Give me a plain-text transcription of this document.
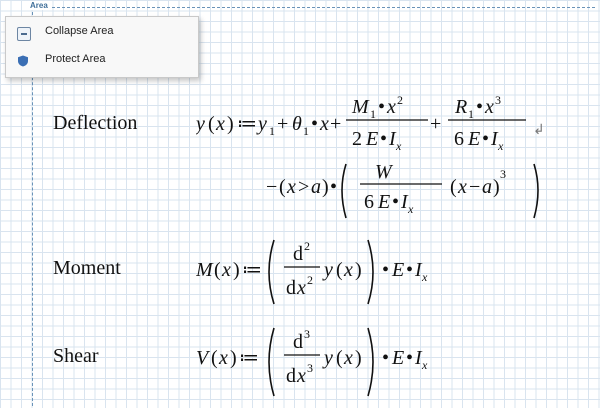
Area
Collapse Area
Protect Area
Deflection	y ( x ) ≔ y 1 + θ 1 • x +
M 1 • x 2
2 E • I x
+
R 1 • x 3
6 E • I x
↲
− ( x > a ) •
W
6 E • I x
( x − a )
3
Moment	M ( x ) ≔
d 2
d x 2 y ( x ) • E • I x
Shear	V ( x ) ≔
d 3
d x 3 y ( x ) • E • I x
